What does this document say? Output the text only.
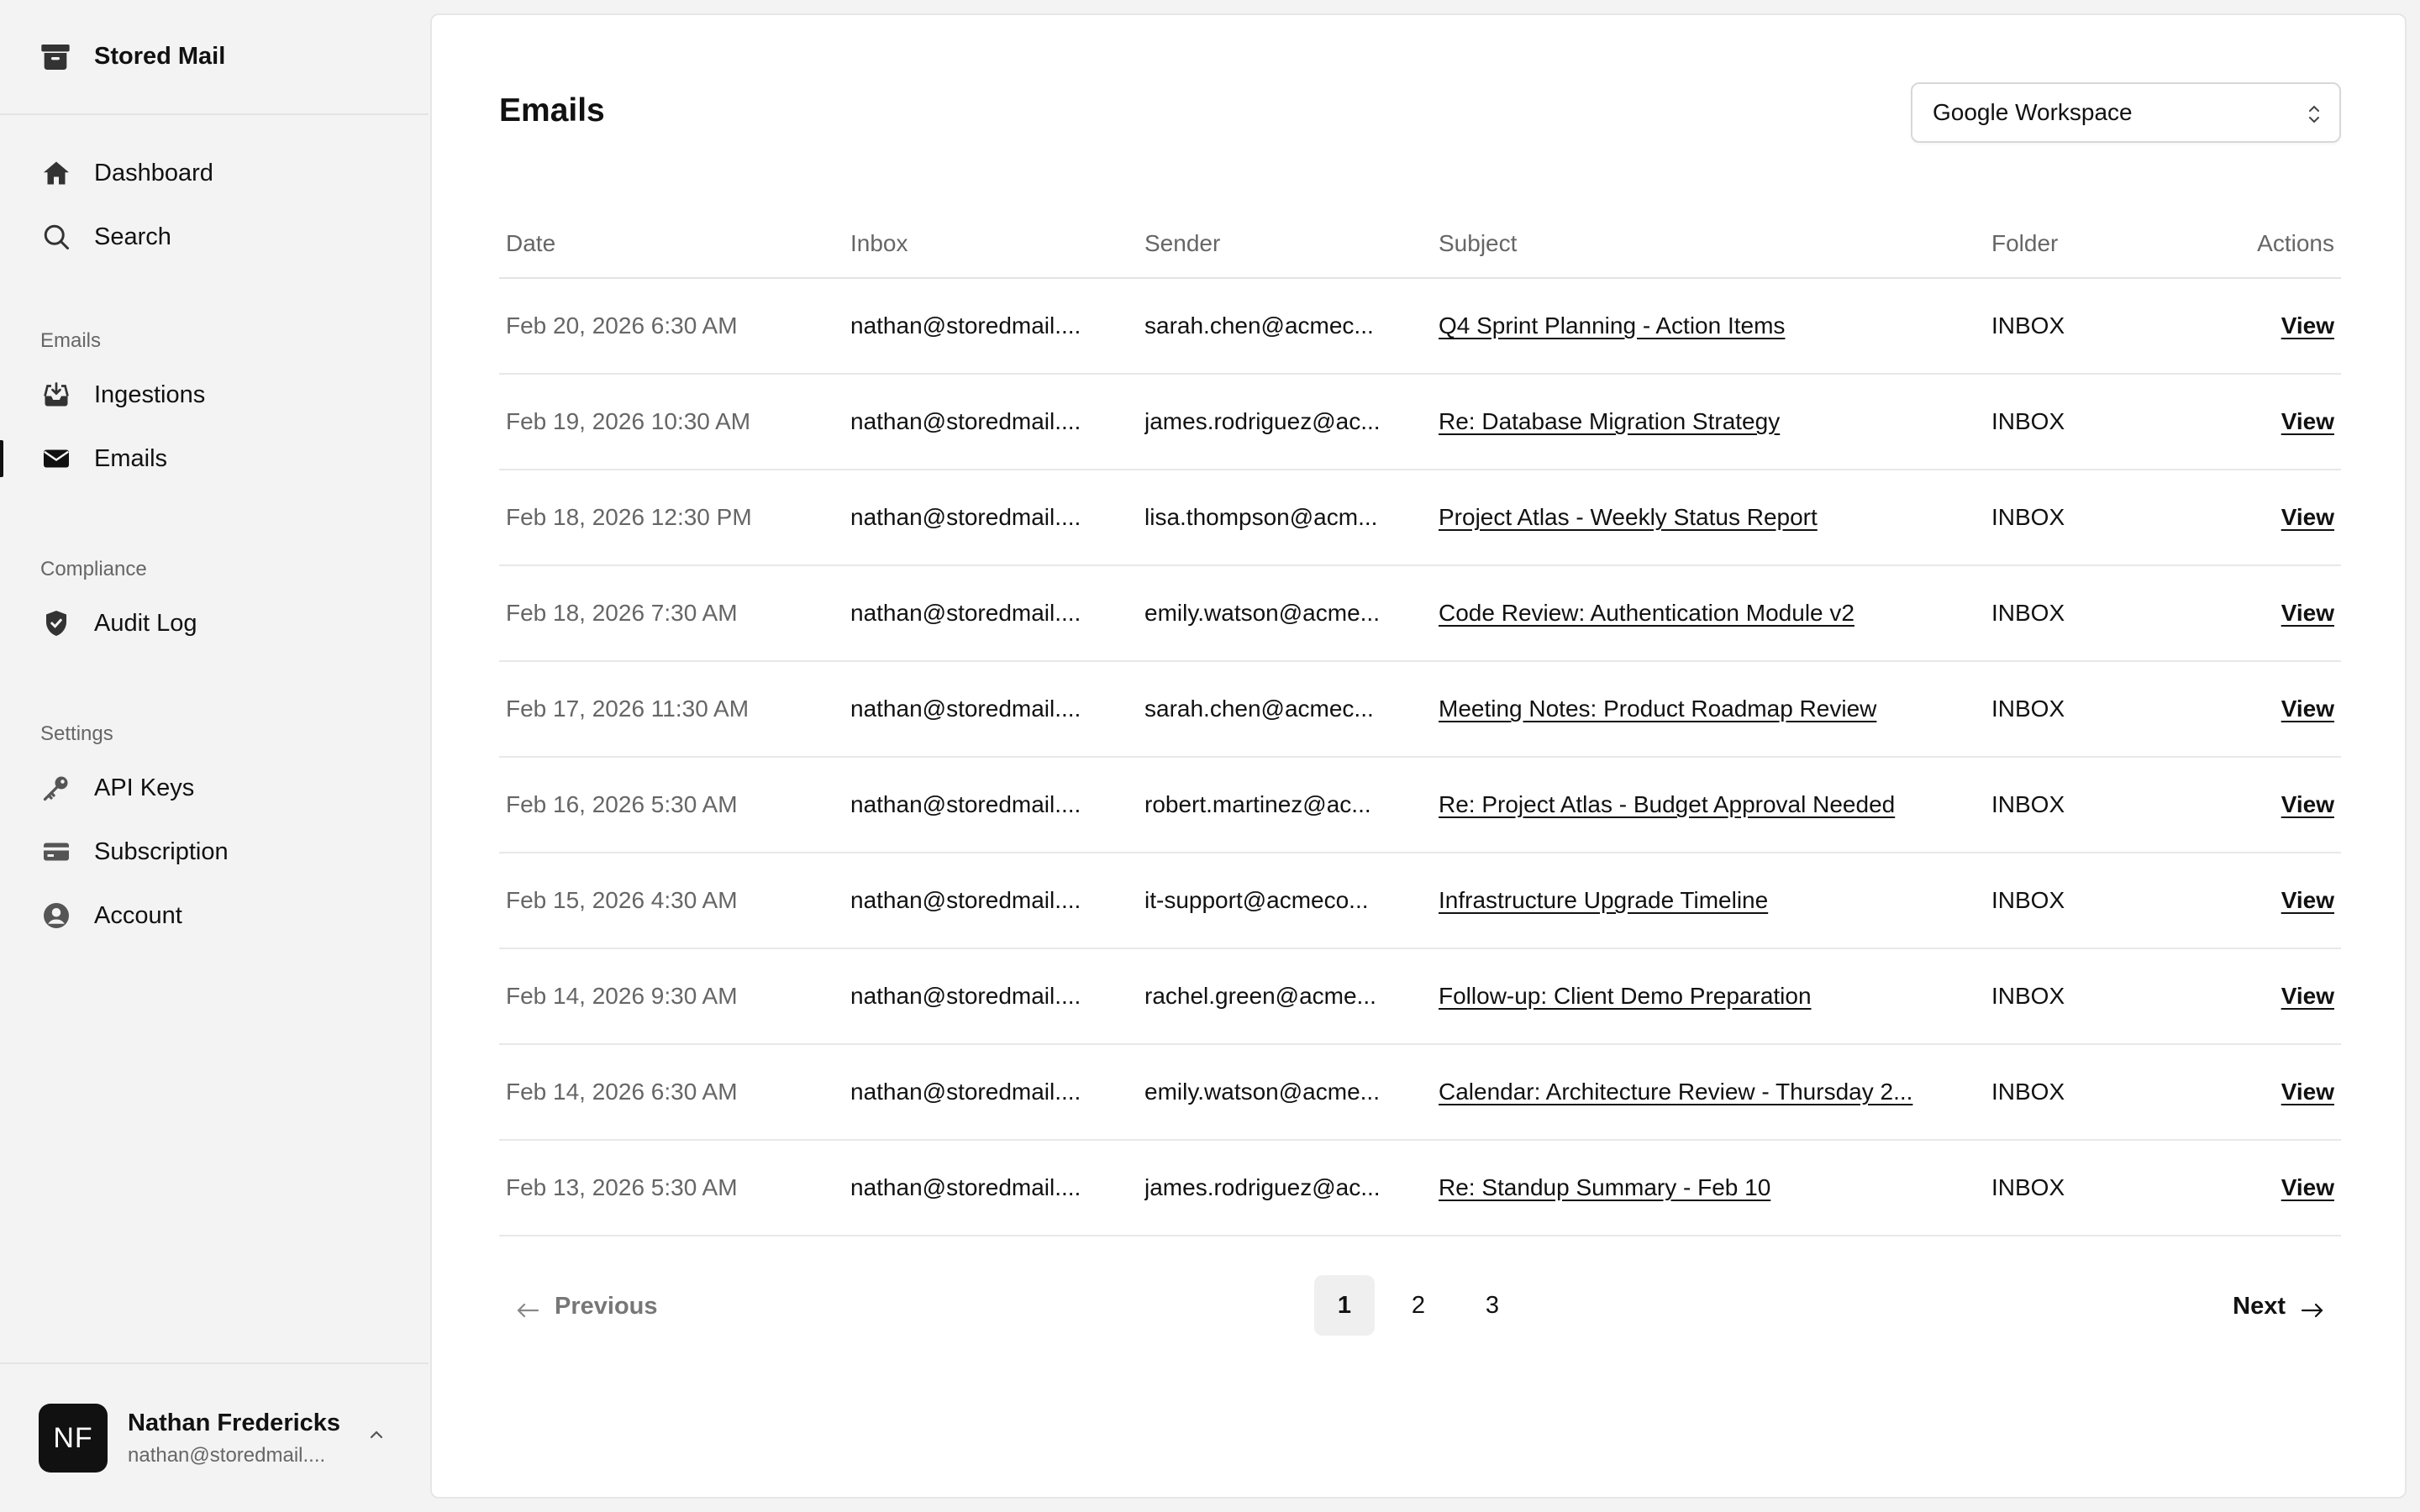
Stored Mail
Dashboard
Search
Emails
Ingestions
Emails
Compliance
Audit Log
Settings
API Keys
Subscription
Account
NF	Nathan Fredericks
nathan@storedmail....
Emails	Google Workspace
Date	Inbox	Sender	Subject	Folder	Actions
Feb 20, 2026 6:30 AM	nathan@storedmail....	sarah.chen@acmec...	Q4 Sprint Planning - Action Items	INBOX	View
Feb 19, 2026 10:30 AM	nathan@storedmail....	james.rodriguez@ac...	Re: Database Migration Strategy	INBOX	View
Feb 18, 2026 12:30 PM	nathan@storedmail....	lisa.thompson@acm...	Project Atlas - Weekly Status Report	INBOX	View
Feb 18, 2026 7:30 AM	nathan@storedmail....	emily.watson@acme...	Code Review: Authentication Module v2	INBOX	View
Feb 17, 2026 11:30 AM	nathan@storedmail....	sarah.chen@acmec...	Meeting Notes: Product Roadmap Review	INBOX	View
Feb 16, 2026 5:30 AM	nathan@storedmail....	robert.martinez@ac...	Re: Project Atlas - Budget Approval Needed	INBOX	View
Feb 15, 2026 4:30 AM	nathan@storedmail....	it-support@acmeco...	Infrastructure Upgrade Timeline	INBOX	View
Feb 14, 2026 9:30 AM	nathan@storedmail....	rachel.green@acme...	Follow-up: Client Demo Preparation	INBOX	View
Feb 14, 2026 6:30 AM	nathan@storedmail....	emily.watson@acme...	Calendar: Architecture Review - Thursday 2...	INBOX	View
Feb 13, 2026 5:30 AM	nathan@storedmail....	james.rodriguez@ac...	Re: Standup Summary - Feb 10	INBOX	View
Previous	1	2	3	Next
